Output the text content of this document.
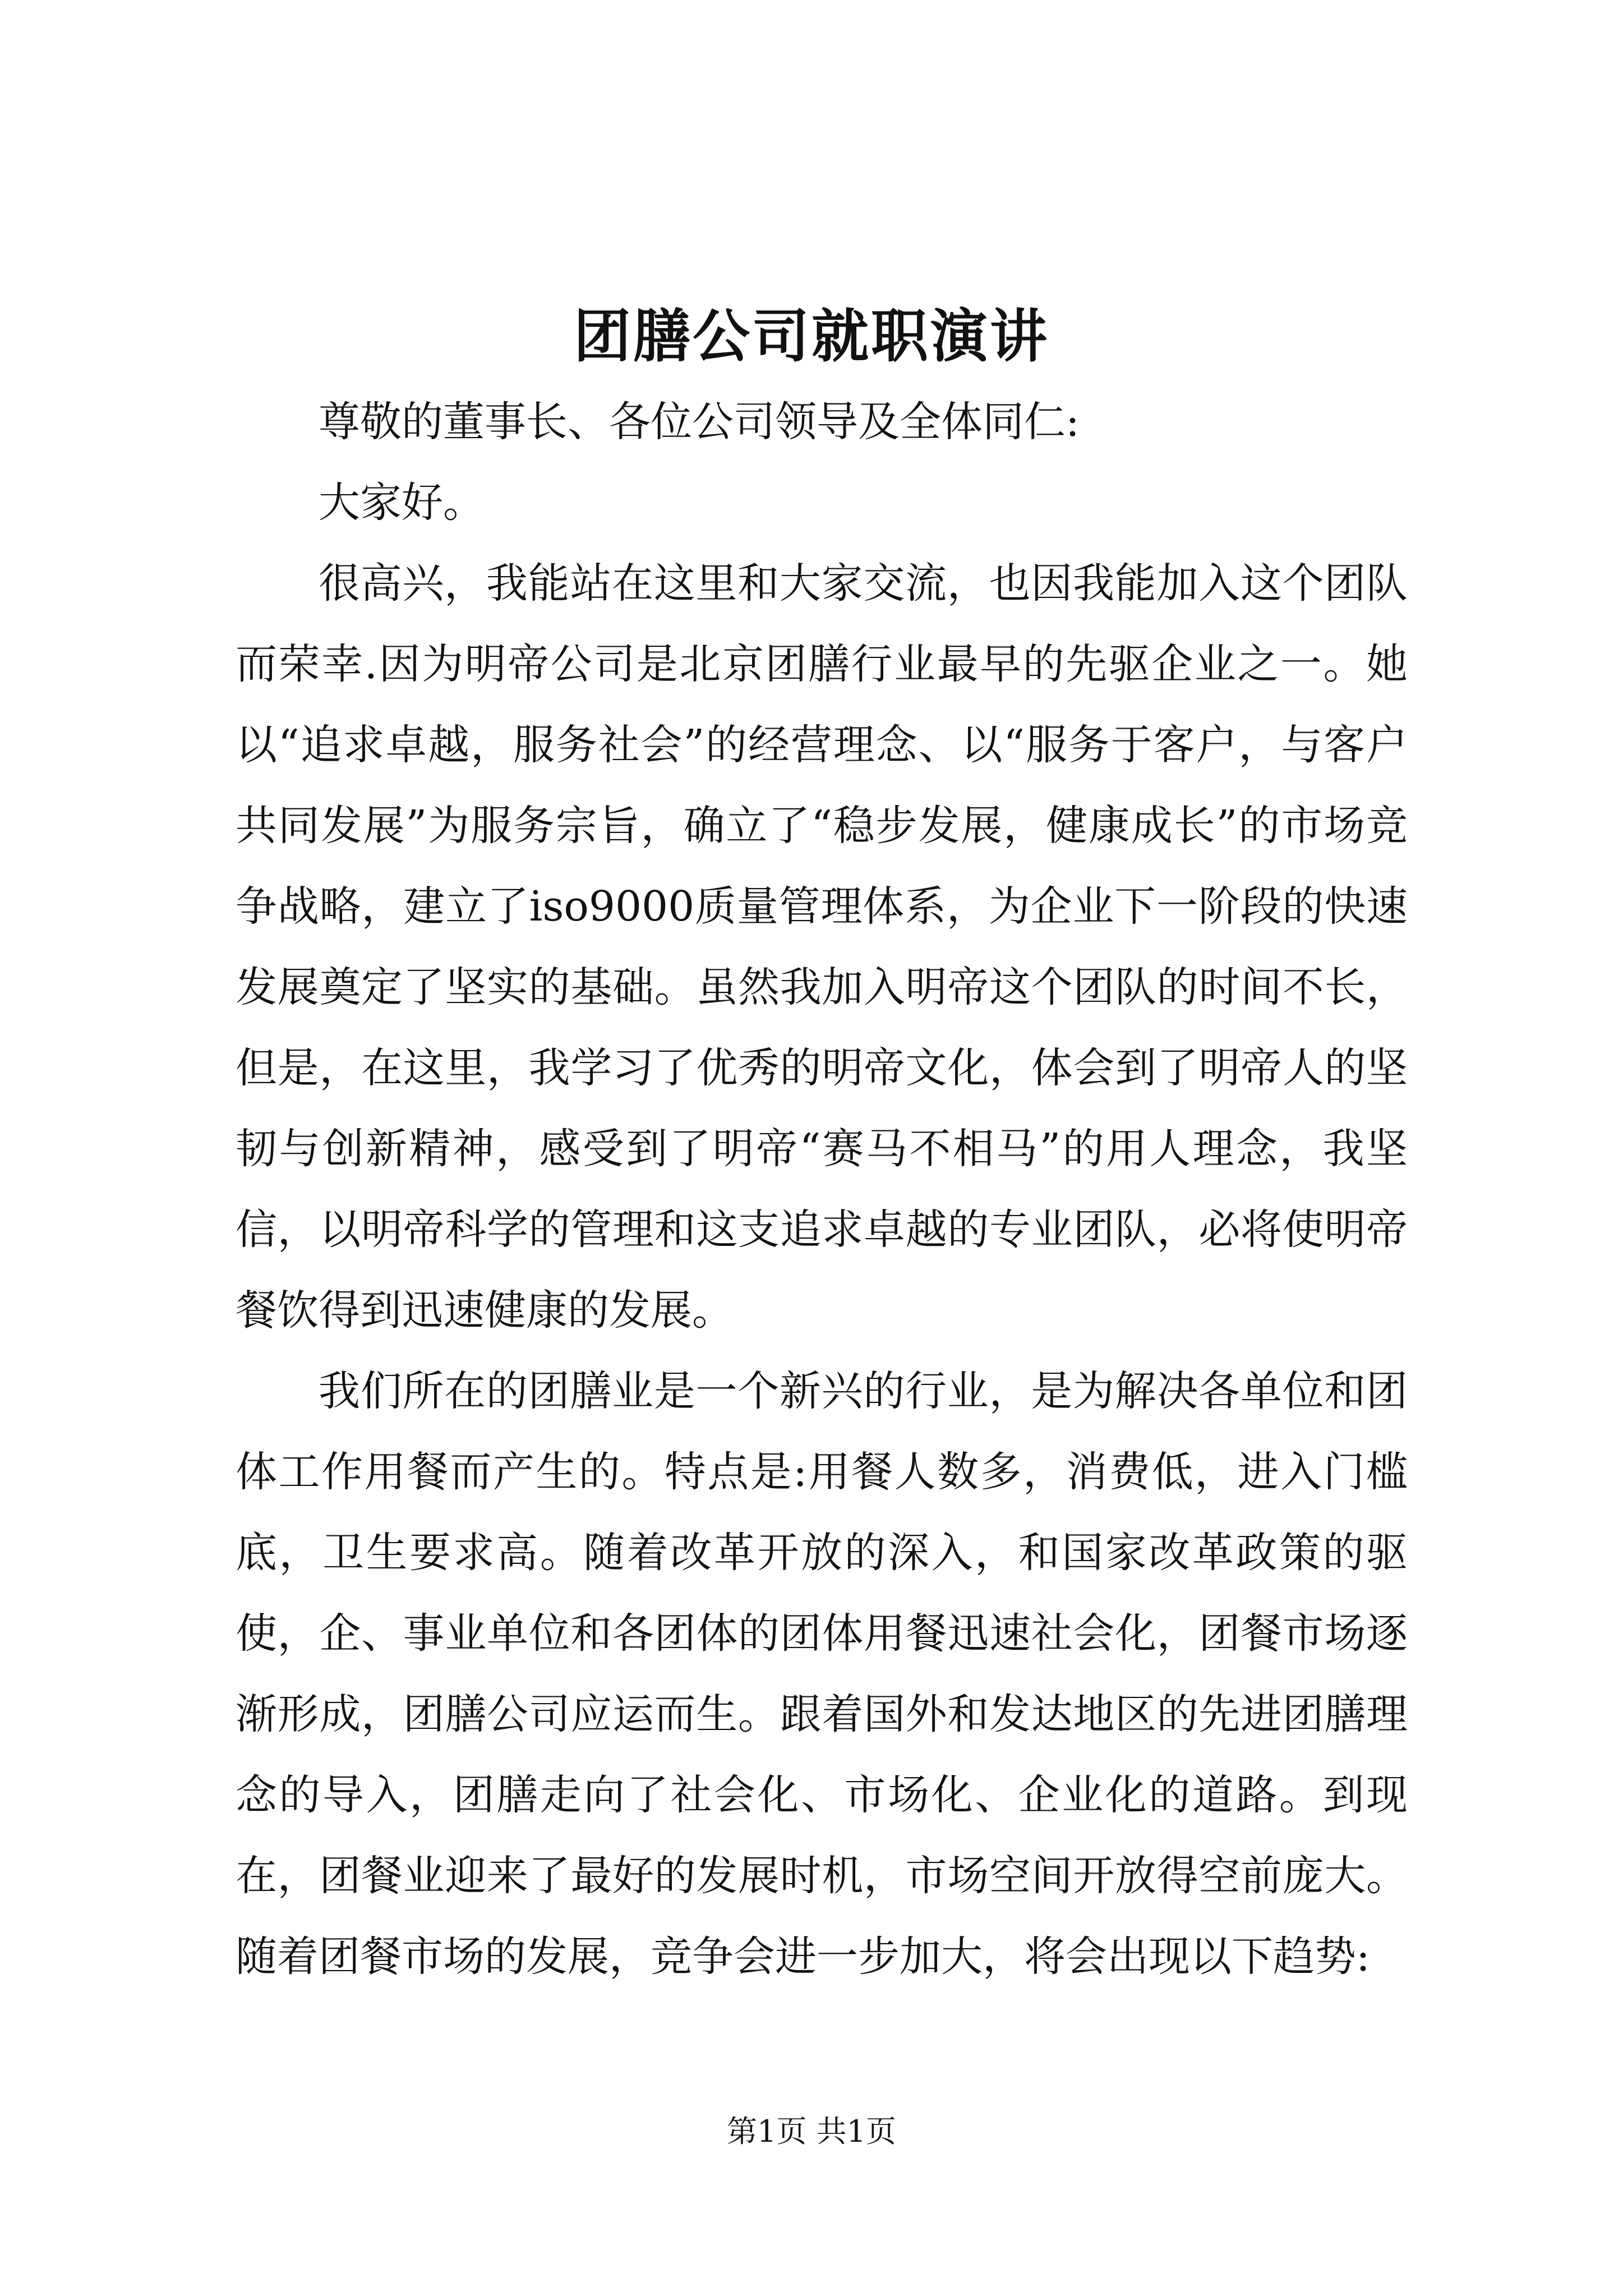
团膳公司就职演讲

尊敬的董事长、各位公司领导及全体同仁:

大家好。

很高兴，我能站在这里和大家交流，也因我能加入这个团队而荣幸.因为明帝公司是北京团膳行业最早的先驱企业之一。她以“追求卓越，服务社会”的经营理念、以“服务于客户，与客户共同发展”为服务宗旨，确立了“稳步发展，健康成长”的市场竞争战略，建立了iso9000质量管理体系，为企业下一阶段的快速发展奠定了坚实的基础。虽然我加入明帝这个团队的时间不长，但是，在这里，我学习了优秀的明帝文化，体会到了明帝人的坚韧与创新精神，感受到了明帝“赛马不相马”的用人理念，我坚信，以明帝科学的管理和这支追求卓越的专业团队，必将使明帝餐饮得到迅速健康的发展。

我们所在的团膳业是一个新兴的行业，是为解决各单位和团体工作用餐而产生的。特点是:用餐人数多，消费低，进入门槛底，卫生要求高。随着改革开放的深入，和国家改革政策的驱使，企、事业单位和各团体的团体用餐迅速社会化，团餐市场逐渐形成，团膳公司应运而生。跟着国外和发达地区的先进团膳理念的导入，团膳走向了社会化、市场化、企业化的道路。到现在，团餐业迎来了最好的发展时机，市场空间开放得空前庞大。随着团餐市场的发展，竞争会进一步加大，将会出现以下趋势:

第1页 共1页
